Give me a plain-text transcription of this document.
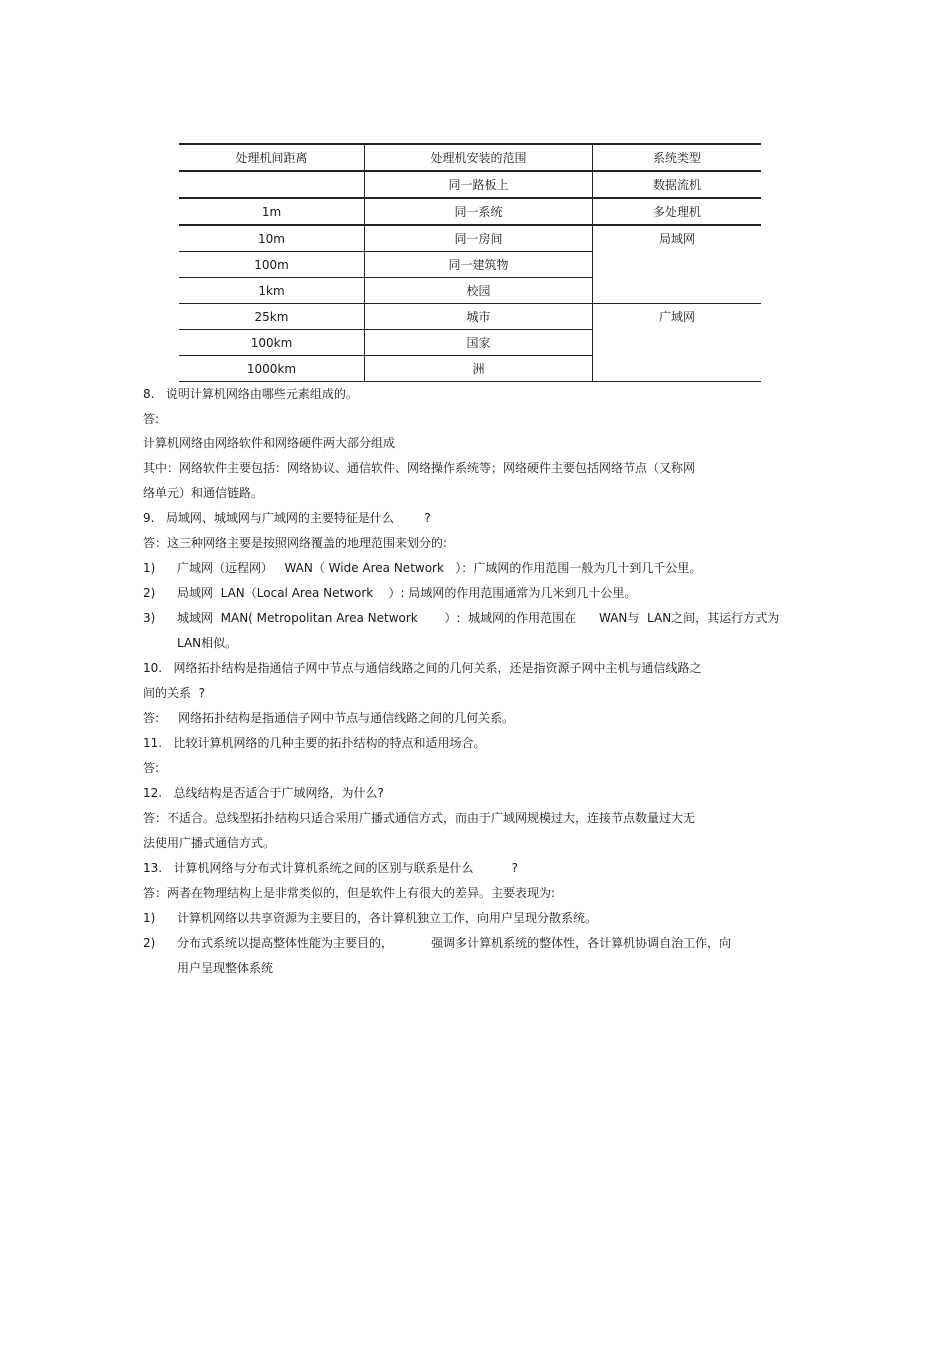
处理机间距离	处理机安装的范围	系统类型
	同一路板上	数据流机
1m	同一系统	多处理机
10m	同一房间	局域网
100m	同一建筑物	
1km	校园	
25km	城市	广域网
100km	国家	
1000km	洲	
8.   说明计算机网络由哪些元素组成的。
答:
计算机网络由网络软件和网络硬件两大部分组成
其中：网络软件主要包括：网络协议、通信软件、网络操作系统等；网络硬件主要包括网络节点（又称网
络单元）和通信链路。
9.   局域网、城域网与广域网的主要特征是什么        ?
答：这三种网络主要是按照网络覆盖的地理范围来划分的:
1) 广域网（远程网）   WAN（ Wide Area Network   ）：广域网的作用范围一般为几十到几千公里。
2) 局域网  LAN（Local Area Network    ）: 局域网的作用范围通常为几米到几十公里。
3) 城域网  MAN( Metropolitan Area Network       ）:  城域网的作用范围在      WAN与  LAN之间，其运行方式为
LAN相似。
10.   网络拓扑结构是指通信子网中节点与通信线路之间的几何关系，还是指资源子网中主机与通信线路之
间的关系  ?
答:     网络拓扑结构是指通信子网中节点与通信线路之间的几何关系。
11.   比较计算机网络的几种主要的拓扑结构的特点和适用场合。
答:
12.   总线结构是否适合于广域网络，为什么?
答：不适合。总线型拓扑结构只适合采用广播式通信方式，而由于广域网规模过大，连接节点数量过大无
法使用广播式通信方式。
13.   计算机网络与分布式计算机系统之间的区别与联系是什么          ?
答：两者在物理结构上是非常类似的，但是软件上有很大的差异。主要表现为:
1) 计算机网络以共享资源为主要目的，各计算机独立工作，向用户呈现分散系统。
2) 分布式系统以提高整体性能为主要目的，          强调多计算机系统的整体性，各计算机协调自治工作，向
用户呈现整体系统
